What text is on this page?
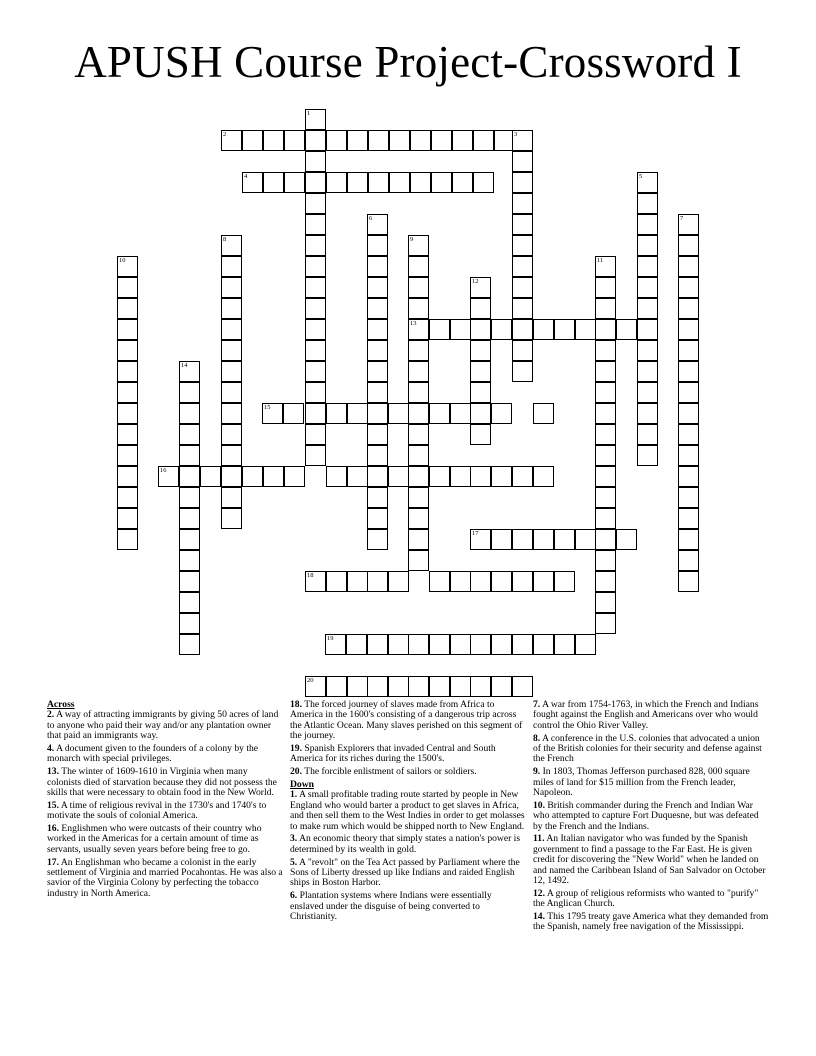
APUSH Course Project-Crossword I
1
2	3
4	5
6	7
8	9
13
10	11
12
14
15
16
17
18
19
20
Across
2. A way of attracting immigrants by giving 50 acres of land to anyone who paid their way and/or any plantation owner that paid an immigrants way.
4. A document given to the founders of a colony by the monarch with special privileges.
13. The winter of 1609-1610 in Virginia when many colonists died of starvation because they did not possess the skills that were necessary to obtain food in the New World.
15. A time of religious revival in the 1730's and 1740's to motivate the souls of colonial America.
16. Englishmen who were outcasts of their country who worked in the Americas for a certain amount of time as servants, usually seven years before being free to go.
17. An Englishman who became a colonist in the early settlement of Virginia and married Pocahontas. He was also a savior of the Virginia Colony by perfecting the tobacco industry in North America.
18. The forced journey of slaves made from Africa to America in the 1600's consisting of a dangerous trip across the Atlantic Ocean. Many slaves perished on this segment of the journey.
19. Spanish Explorers that invaded Central and South America for its riches during the 1500's.
20. The forcible enlistment of sailors or soldiers.
Down
1. A small profitable trading route started by people in New England who would barter a product to get slaves in Africa, and then sell them to the West Indies in order to get molasses to make rum which would be shipped north to New England.
3. An economic theory that simply states a nation's power is determined by its wealth in gold.
5. A "revolt" on the Tea Act passed by Parliament where the Sons of Liberty dressed up like Indians and raided English ships in Boston Harbor.
6. Plantation systems where Indians were essentially enslaved under the disguise of being converted to Christianity.
7. A war from 1754-1763, in which the French and Indians fought against the English and Americans over who would control the Ohio River Valley.
8. A conference in the U.S. colonies that advocated a union of the British colonies for their security and defense against the French
9. In 1803, Thomas Jefferson purchased 828, 000 square miles of land for $15 million from the French leader, Napoleon.
10. British commander during the French and Indian War who attempted to capture Fort Duquesne, but was defeated by the French and the Indians.
11. An Italian navigator who was funded by the Spanish government to find a passage to the Far East. He is given credit for discovering the "New World" when he landed on and named the Caribbean Island of San Salvador on October 12, 1492.
12. A group of religious reformists who wanted to "purify" the Anglican Church.
14. This 1795 treaty gave America what they demanded from the Spanish, namely free navigation of the Mississippi.
